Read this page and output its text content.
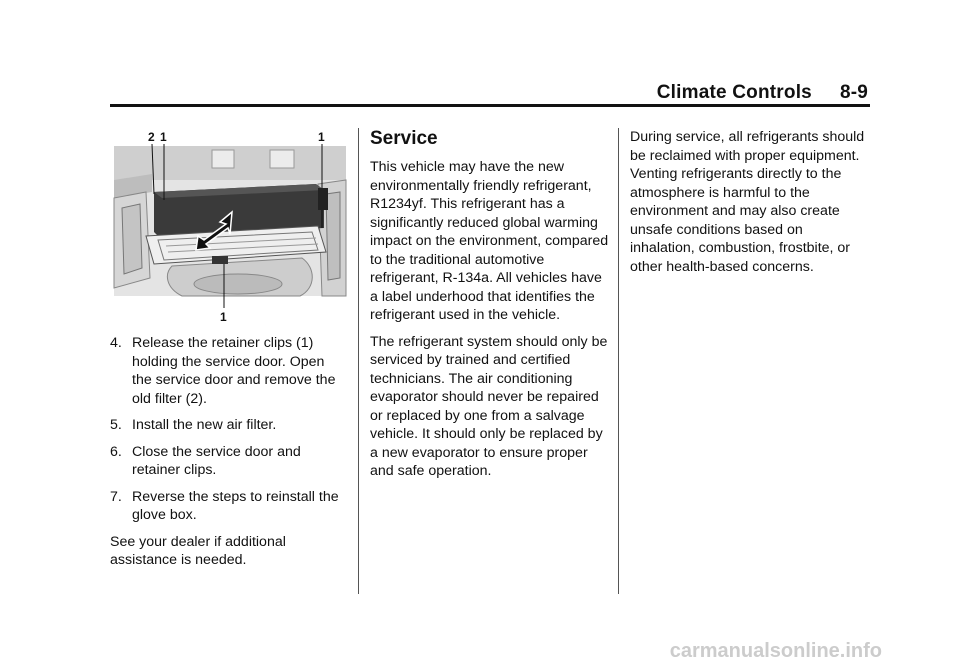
Climate Controls 8-9
2 1	1
1
4. Release the retainer clips (1) holding the service door. Open the service door and remove the old filter (2).
5. Install the new air filter.
6. Close the service door and retainer clips.
7. Reverse the steps to reinstall the glove box.

See your dealer if additional assistance is needed.

Service

This vehicle may have the new environmentally friendly refrigerant, R1234yf. This refrigerant has a significantly reduced global warming impact on the environment, compared to the traditional automotive refrigerant, R-134a. All vehicles have a label underhood that identifies the refrigerant used in the vehicle.

The refrigerant system should only be serviced by trained and certified technicians. The air conditioning evaporator should never be repaired or replaced by one from a salvage vehicle. It should only be replaced by a new evaporator to ensure proper and safe operation.

During service, all refrigerants should be reclaimed with proper equipment. Venting refrigerants directly to the atmosphere is harmful to the environment and may also create unsafe conditions based on inhalation, combustion, frostbite, or other health-based concerns.

carmanualsonline.info
